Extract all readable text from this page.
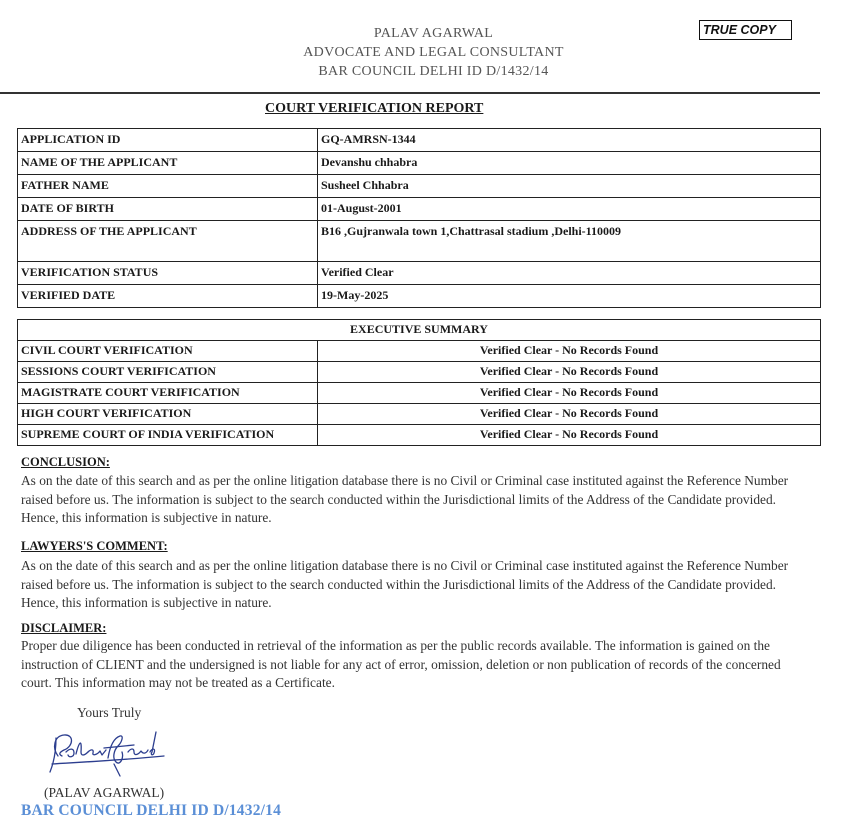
PALAV AGARWAL
ADVOCATE AND LEGAL CONSULTANT
BAR COUNCIL DELHI ID D/1432/14
TRUE COPY
COURT VERIFICATION REPORT
APPLICATION ID	GQ-AMRSN-1344
NAME OF THE APPLICANT	Devanshu chhabra
FATHER NAME	Susheel Chhabra
DATE OF BIRTH	01-August-2001
ADDRESS OF THE APPLICANT	B16 ,Gujranwala town 1,Chattrasal stadium ,Delhi-110009
VERIFICATION STATUS	Verified Clear
VERIFIED DATE	19-May-2025
EXECUTIVE SUMMARY	
CIVIL COURT VERIFICATION	Verified Clear - No Records Found
SESSIONS COURT VERIFICATION	Verified Clear - No Records Found
MAGISTRATE COURT VERIFICATION	Verified Clear - No Records Found
HIGH COURT VERIFICATION	Verified Clear - No Records Found
SUPREME COURT OF INDIA VERIFICATION	Verified Clear - No Records Found
CONCLUSION:
As on the date of this search and as per the online litigation database there is no Civil or Criminal case instituted against the Reference Number raised before us. The information is subject to the search conducted within the Jurisdictional limits of the Address of the Candidate provided. Hence, this information is subjective in nature.
LAWYERS'S COMMENT:
As on the date of this search and as per the online litigation database there is no Civil or Criminal case instituted against the Reference Number raised before us. The information is subject to the search conducted within the Jurisdictional limits of the Address of the Candidate provided. Hence, this information is subjective in nature.
DISCLAIMER:
Proper due diligence has been conducted in retrieval of the information as per the public records available. The information is gained on the instruction of CLIENT and the undersigned is not liable for any act of error, omission, deletion or non publication of records of the concerned court. This information may not be treated as a Certificate.
Yours Truly
(PALAV AGARWAL)
BAR COUNCIL DELHI ID D/1432/14
